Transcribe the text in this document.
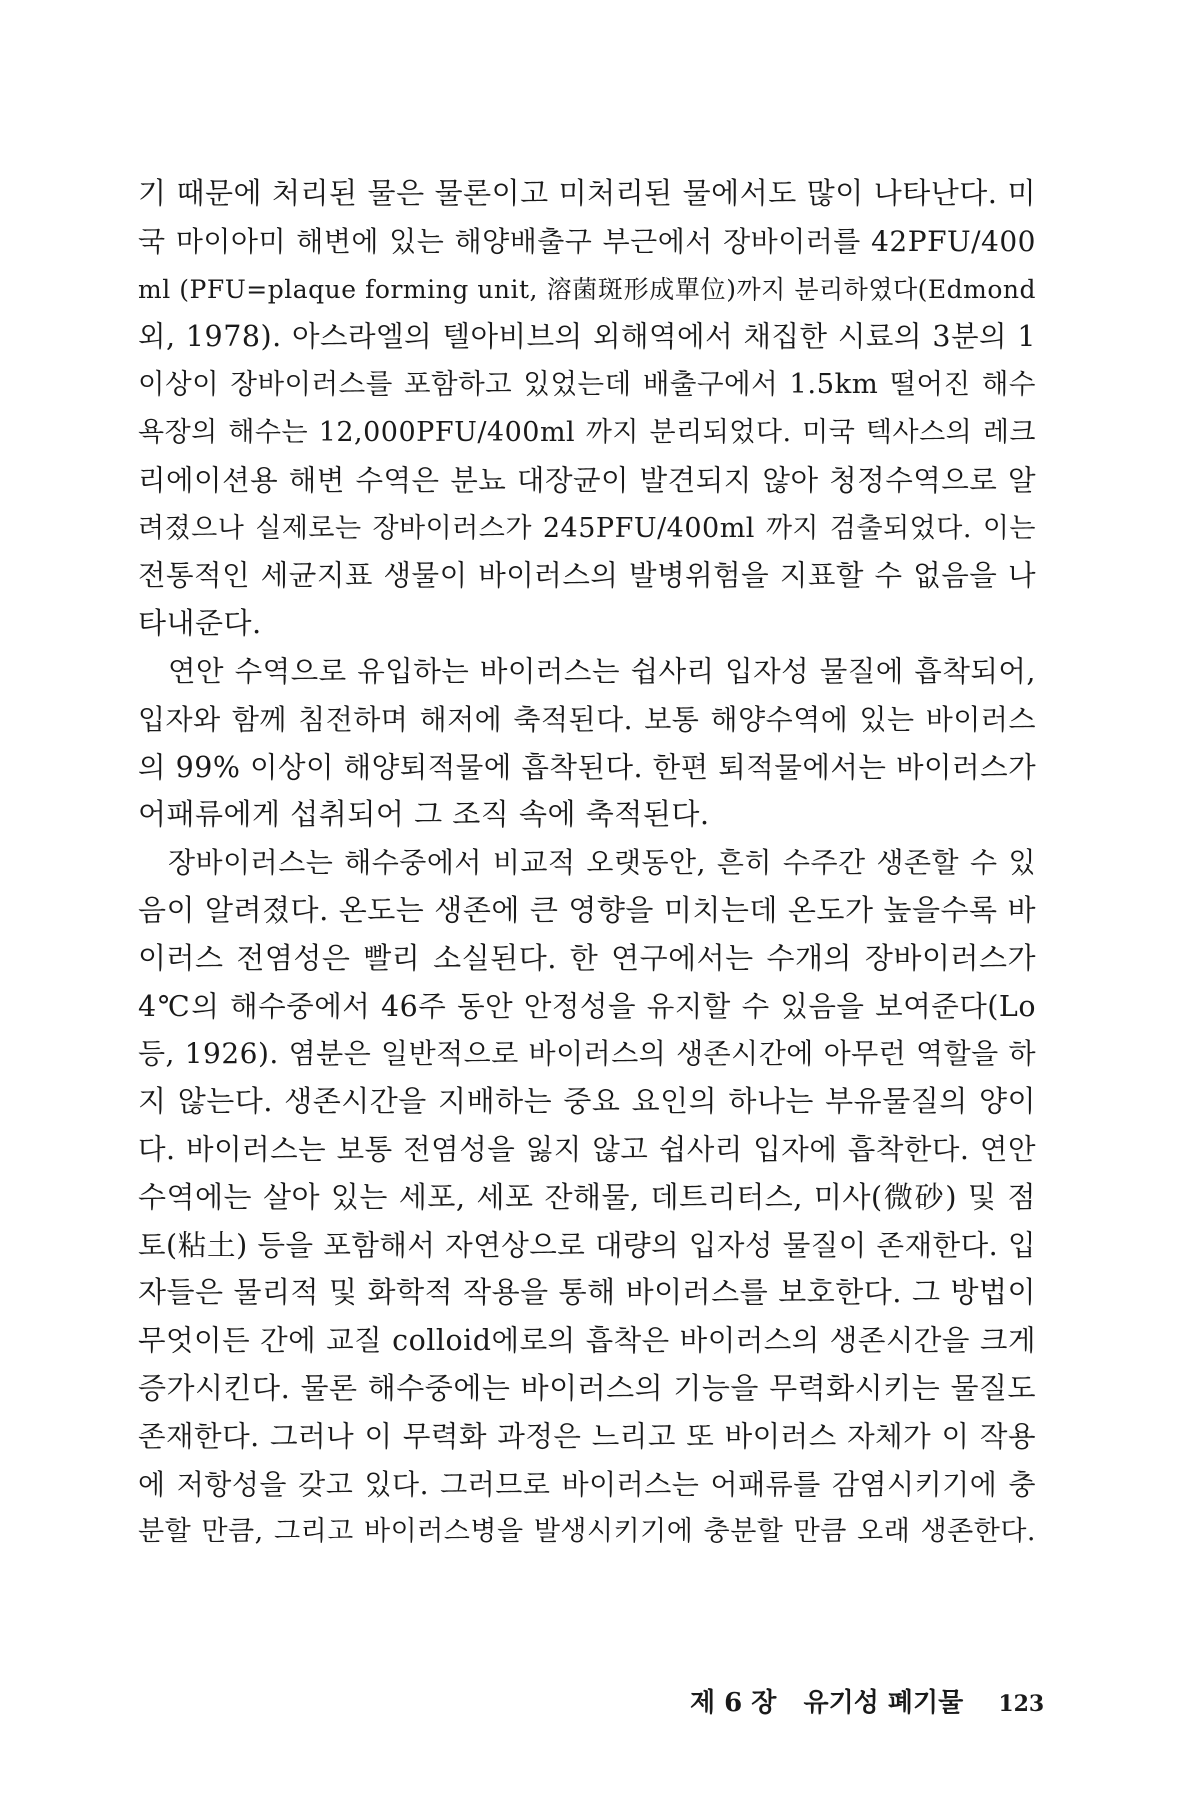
기 때문에 처리된 물은 물론이고 미처리된 물에서도 많이 나타난다. 미
국 마이아미 해변에 있는 해양배출구 부근에서 장바이러를 42PFU/400
ml (PFU=plaque forming unit, 溶菌斑形成單位)까지 분리하였다(Edmond
외, 1978). 아스라엘의 텔아비브의 외해역에서 채집한 시료의 3분의 1
이상이 장바이러스를 포함하고 있었는데 배출구에서 1.5km 떨어진 해수
욕장의 해수는 12,000PFU/400ml 까지 분리되었다. 미국 텍사스의 레크
리에이션용 해변 수역은 분뇨 대장균이 발견되지 않아 청정수역으로 알
려졌으나 실제로는 장바이러스가 245PFU/400ml 까지 검출되었다. 이는
전통적인 세균지표 생물이 바이러스의 발병위험을 지표할 수 없음을 나
타내준다.
연안 수역으로 유입하는 바이러스는 쉽사리 입자성 물질에 흡착되어,
입자와 함께 침전하며 해저에 축적된다. 보통 해양수역에 있는 바이러스
의 99% 이상이 해양퇴적물에 흡착된다. 한편 퇴적물에서는 바이러스가
어패류에게 섭취되어 그 조직 속에 축적된다.
장바이러스는 해수중에서 비교적 오랫동안, 흔히 수주간 생존할 수 있
음이 알려졌다. 온도는 생존에 큰 영향을 미치는데 온도가 높을수록 바
이러스 전염성은 빨리 소실된다. 한 연구에서는 수개의 장바이러스가
4℃의 해수중에서 46주 동안 안정성을 유지할 수 있음을 보여준다(Lo
등, 1926). 염분은 일반적으로 바이러스의 생존시간에 아무런 역할을 하
지 않는다. 생존시간을 지배하는 중요 요인의 하나는 부유물질의 양이
다. 바이러스는 보통 전염성을 잃지 않고 쉽사리 입자에 흡착한다. 연안
수역에는 살아 있는 세포, 세포 잔해물, 데트리터스, 미사(微砂) 및 점
토(粘土) 등을 포함해서 자연상으로 대량의 입자성 물질이 존재한다. 입
자들은 물리적 및 화학적 작용을 통해 바이러스를 보호한다. 그 방법이
무엇이든 간에 교질 colloid에로의 흡착은 바이러스의 생존시간을 크게
증가시킨다. 물론 해수중에는 바이러스의 기능을 무력화시키는 물질도
존재한다. 그러나 이 무력화 과정은 느리고 또 바이러스 자체가 이 작용
에 저항성을 갖고 있다. 그러므로 바이러스는 어패류를 감염시키기에 충
분할 만큼, 그리고 바이러스병을 발생시키기에 충분할 만큼 오래 생존한다.
제 6 장 유기성 폐기물 123
